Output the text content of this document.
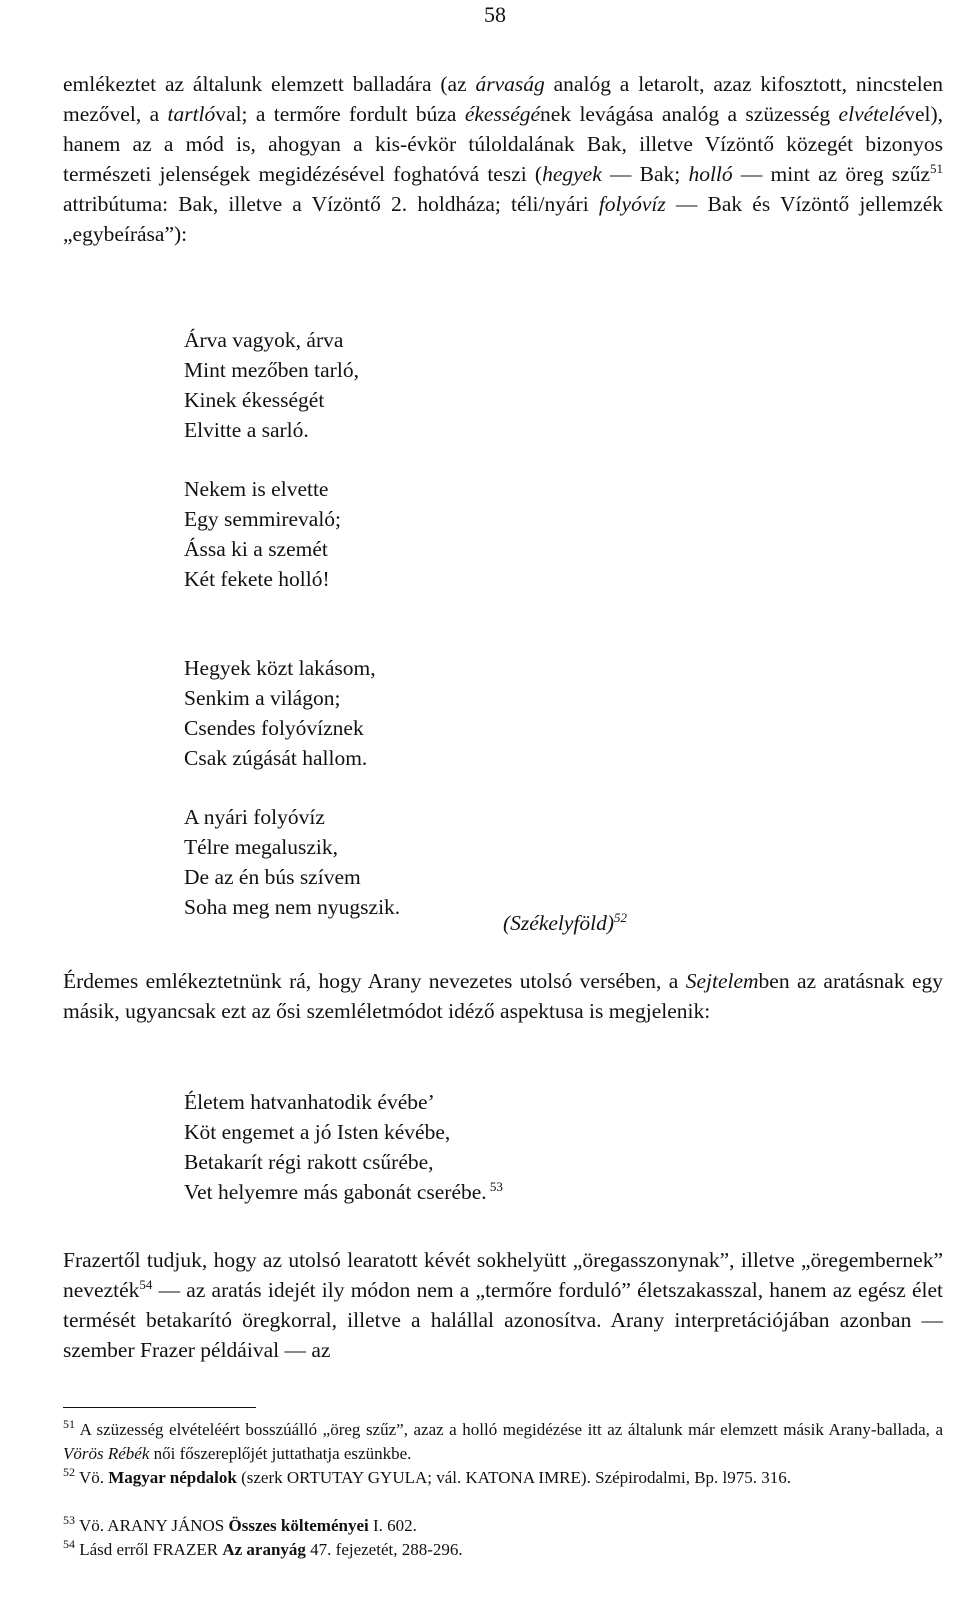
58

emlékeztet az általunk elemzett balladára (az árvaság analóg a letarolt, azaz kifosztott, nincstelen mezővel, a tartlóval; a termőre fordult búza ékességének levágása analóg a szüzesség elvételével), hanem az a mód is, ahogyan a kis-évkör túloldalának Bak, illetve Vízöntő közegét bizonyos természeti jelenségek megidézésével foghatóvá teszi (hegyek — Bak; holló — mint az öreg szűz$^{51}$ attribútuma: Bak, illetve a Vízöntő 2. holdháza; téli/nyári folyóvíz — Bak és Vízöntő jellemzék „egybeírása”):

Árva vagyok, árva
Mint mezőben tarló,
Kinek ékességét
Elvitte a sarló.
Nekem is elvette
Egy semmirevaló;
Ássa ki a szemét
Két fekete holló!
Hegyek közt lakásom,
Senkim a világon;
Csendes folyóvíznek
Csak zúgását hallom.
A nyári folyóvíz
Télre megaluszik,
De az én bús szívem
Soha meg nem nyugszik.
(Székelyföld)$^{52}$

Érdemes emlékeztetnünk rá, hogy Arany nevezetes utolsó versében, a Sejtelemben az aratásnak egy másik, ugyancsak ezt az ősi szemléletmódot idéző aspektusa is megjelenik:

Életem hatvanhatodik évébe’
Köt engemet a jó Isten kévébe,
Betakarít régi rakott csűrébe,
Vet helyemre más gabonát cserébe. $^{53}$

Frazertől tudjuk, hogy az utolsó learatott kévét sokhelyütt „öregasszonynak”, illetve „öregembernek” nevezték$^{54}$ — az aratás idejét ily módon nem a „termőre forduló” életszakasszal, hanem az egész élet termését betakarító öregkorral, illetve a halállal azonosítva. Arany interpretációjában azonban — szember Frazer példáival — az

$^{51}$ A szüzesség elvételéért bosszúálló „öreg szűz”, azaz a holló megidézése itt az általunk már elemzett másik Arany-ballada, a Vörös Rébék női főszereplőjét juttathatja eszünkbe.

$^{52}$ Vö. Magyar népdalok (szerk ORTUTAY GYULA; vál. KATONA IMRE). Szépirodalmi, Bp. l975. 316.

$^{53}$ Vö. ARANY JÁNOS Összes költeményei I. 602.

$^{54}$ Lásd erről FRAZER Az aranyág 47. fejezetét, 288-296.
